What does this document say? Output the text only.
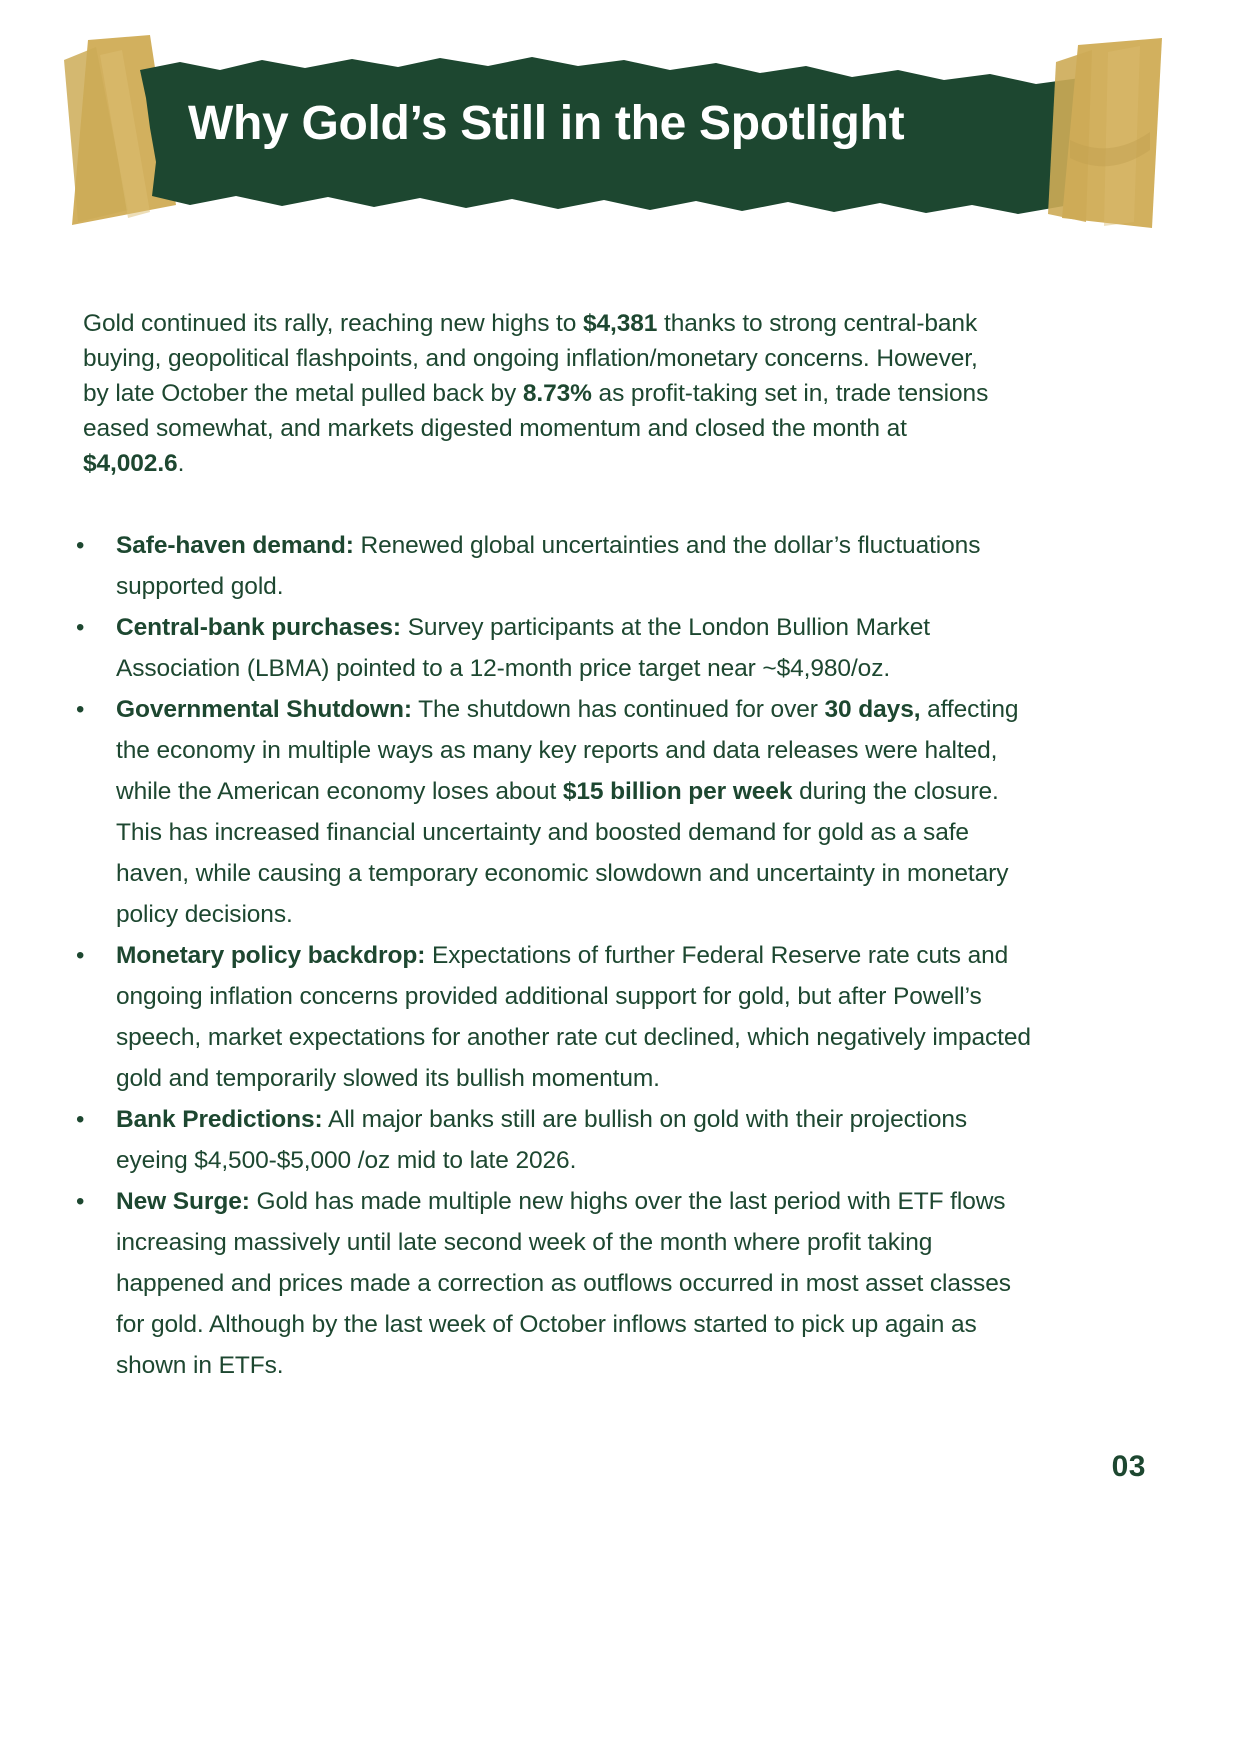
Why Gold’s Still in the Spotlight

Gold continued its rally, reaching new highs to $4,381 thanks to strong central-bank buying, geopolitical flashpoints, and ongoing inflation/monetary concerns. However, by late October the metal pulled back by 8.73% as profit-taking set in, trade tensions eased somewhat, and markets digested momentum and closed the month at $4,002.6.

•	Safe-haven demand: Renewed global uncertainties and the dollar’s fluctuations supported gold.
•	Central-bank purchases: Survey participants at the London Bullion Market Association (LBMA) pointed to a 12-month price target near ~$4,980/oz.
•	Governmental Shutdown: The shutdown has continued for over 30 days, affecting the economy in multiple ways as many key reports and data releases were halted, while the American economy loses about $15 billion per week during the closure. This has increased financial uncertainty and boosted demand for gold as a safe haven, while causing a temporary economic slowdown and uncertainty in monetary policy decisions.
•	Monetary policy backdrop: Expectations of further Federal Reserve rate cuts and ongoing inflation concerns provided additional support for gold, but after Powell’s speech, market expectations for another rate cut declined, which negatively impacted gold and temporarily slowed its bullish momentum.
•	Bank Predictions: All major banks still are bullish on gold with their projections eyeing $4,500-$5,000 /oz mid to late 2026.
•	New Surge: Gold has made multiple new highs over the last period with ETF flows increasing massively until late second week of the month where profit taking happened and prices made a correction as outflows occurred in most asset classes for gold. Although by the last week of October inflows started to pick up again as shown in ETFs.
03
